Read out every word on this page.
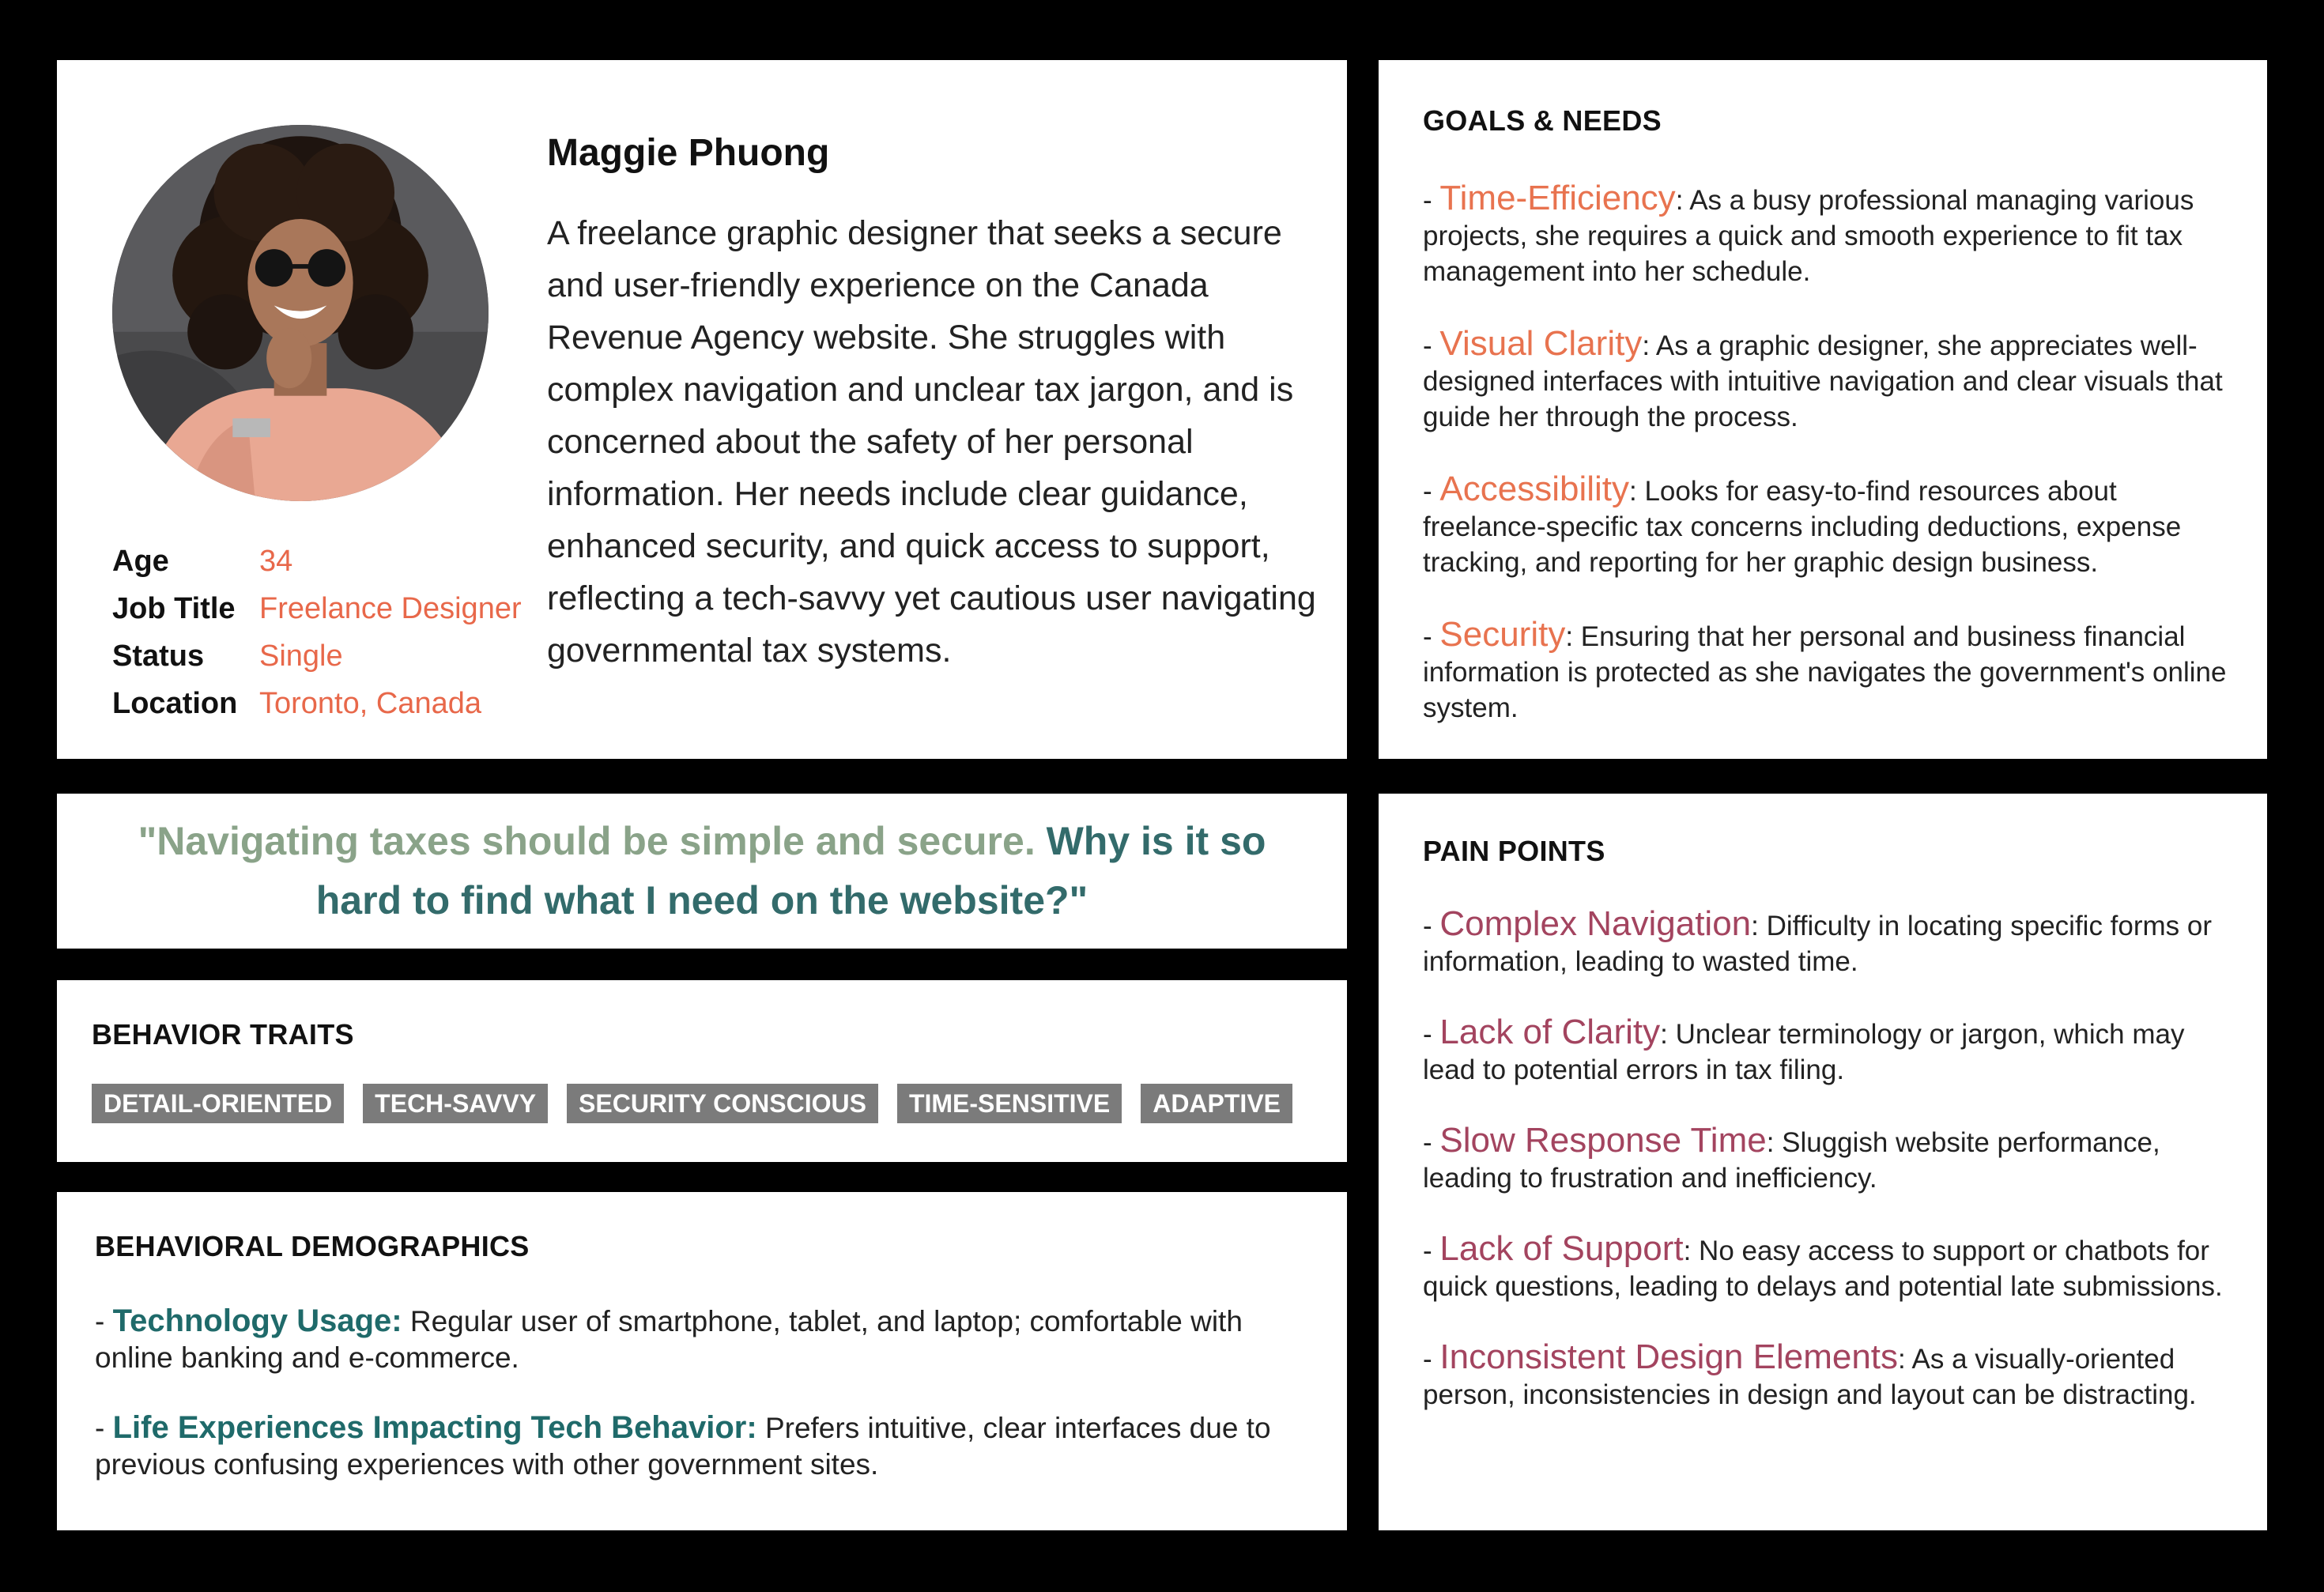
Age	34
Job Title	Freelance Designer
Status	Single
Location	Toronto, Canada
Maggie Phuong

A freelance graphic designer that seeks a secure and user-friendly experience on the Canada Revenue Agency website. She struggles with complex navigation and unclear tax jargon, and is concerned about the safety of her personal information. Her needs include clear guidance, enhanced security, and quick access to support, reflecting a tech-savvy yet cautious user navigating governmental tax systems.

"Navigating taxes should be simple and secure. Why is it so hard to find what I need on the website?"

BEHAVIOR TRAITS
DETAIL-ORIENTED	TECH-SAVVY	SECURITY CONSCIOUS	TIME-SENSITIVE	ADAPTIVE
BEHAVIORAL DEMOGRAPHICS

- Technology Usage: Regular user of smartphone, tablet, and laptop; comfortable with online banking and e-commerce.

- Life Experiences Impacting Tech Behavior: Prefers intuitive, clear interfaces due to previous confusing experiences with other government sites.

GOALS & NEEDS

- Time-Efficiency: As a busy professional managing various projects, she requires a quick and smooth experience to fit tax management into her schedule.

- Visual Clarity: As a graphic designer, she appreciates well-designed interfaces with intuitive navigation and clear visuals that guide her through the process.

- Accessibility: Looks for easy-to-find resources about freelance-specific tax concerns including deductions, expense tracking, and reporting for her graphic design business.

- Security: Ensuring that her personal and business financial information is protected as she navigates the government's online system.

PAIN POINTS

- Complex Navigation: Difficulty in locating specific forms or information, leading to wasted time.

- Lack of Clarity: Unclear terminology or jargon, which may lead to potential errors in tax filing.

- Slow Response Time: Sluggish website performance, leading to frustration and inefficiency.

- Lack of Support: No easy access to support or chatbots for quick questions, leading to delays and potential late submissions.

- Inconsistent Design Elements: As a visually-oriented person, inconsistencies in design and layout can be distracting.
